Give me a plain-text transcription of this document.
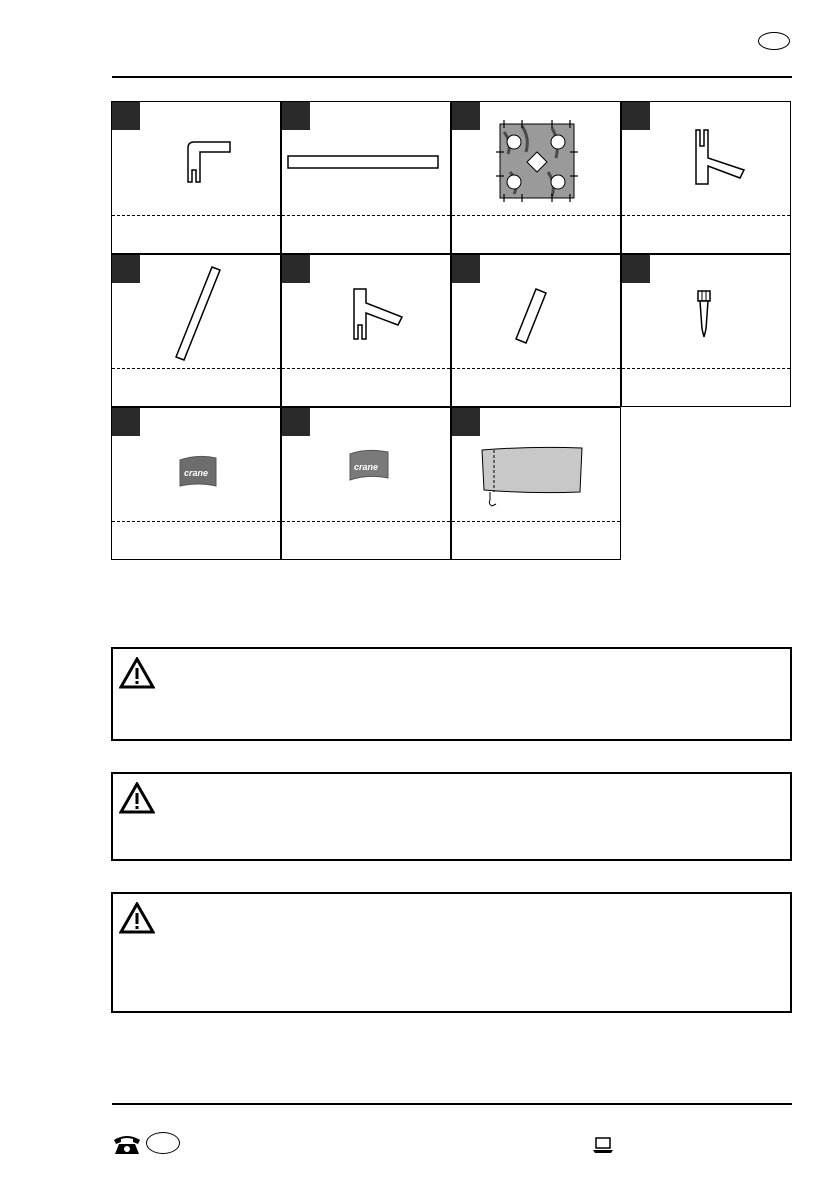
crane
crane
